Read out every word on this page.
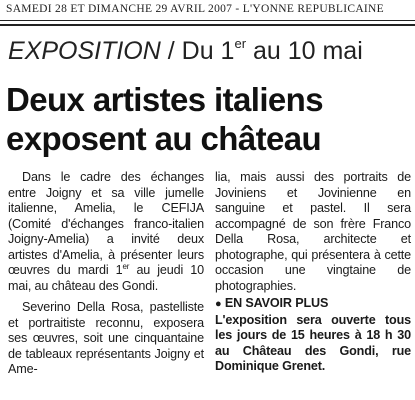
SAMEDI 28 ET DIMANCHE 29 AVRIL 2007 - L'YONNE REPUBLICAINE
EXPOSITION / Du 1er au 10 mai
Deux artistes italiens
exposent au château

Dans le cadre des échanges entre Joigny et sa ville jumelle italienne, Amelia, le CEFIJA (Comité d'échanges franco-italien Joigny-Amelia) a invité deux artistes d'Amelia, à présenter leurs œuvres du mardi 1er au jeudi 10 mai, au château des Gondi.

Severino Della Rosa, pastelliste et portraitiste reconnu, exposera ses œuvres, soit une cinquantaine de tableaux représentants Joigny et Ame-

lia, mais aussi des portraits de Joviniens et Jovinienne en sanguine et pastel. Il sera accompagné de son frère Franco Della Rosa, architecte et photographe, qui présentera à cette occasion une vingtaine de photographies.

● EN SAVOIR PLUS

L'exposition sera ouverte tous les jours de 15 heures à 18 h 30 au Château des Gondi, rue Dominique Grenet.
